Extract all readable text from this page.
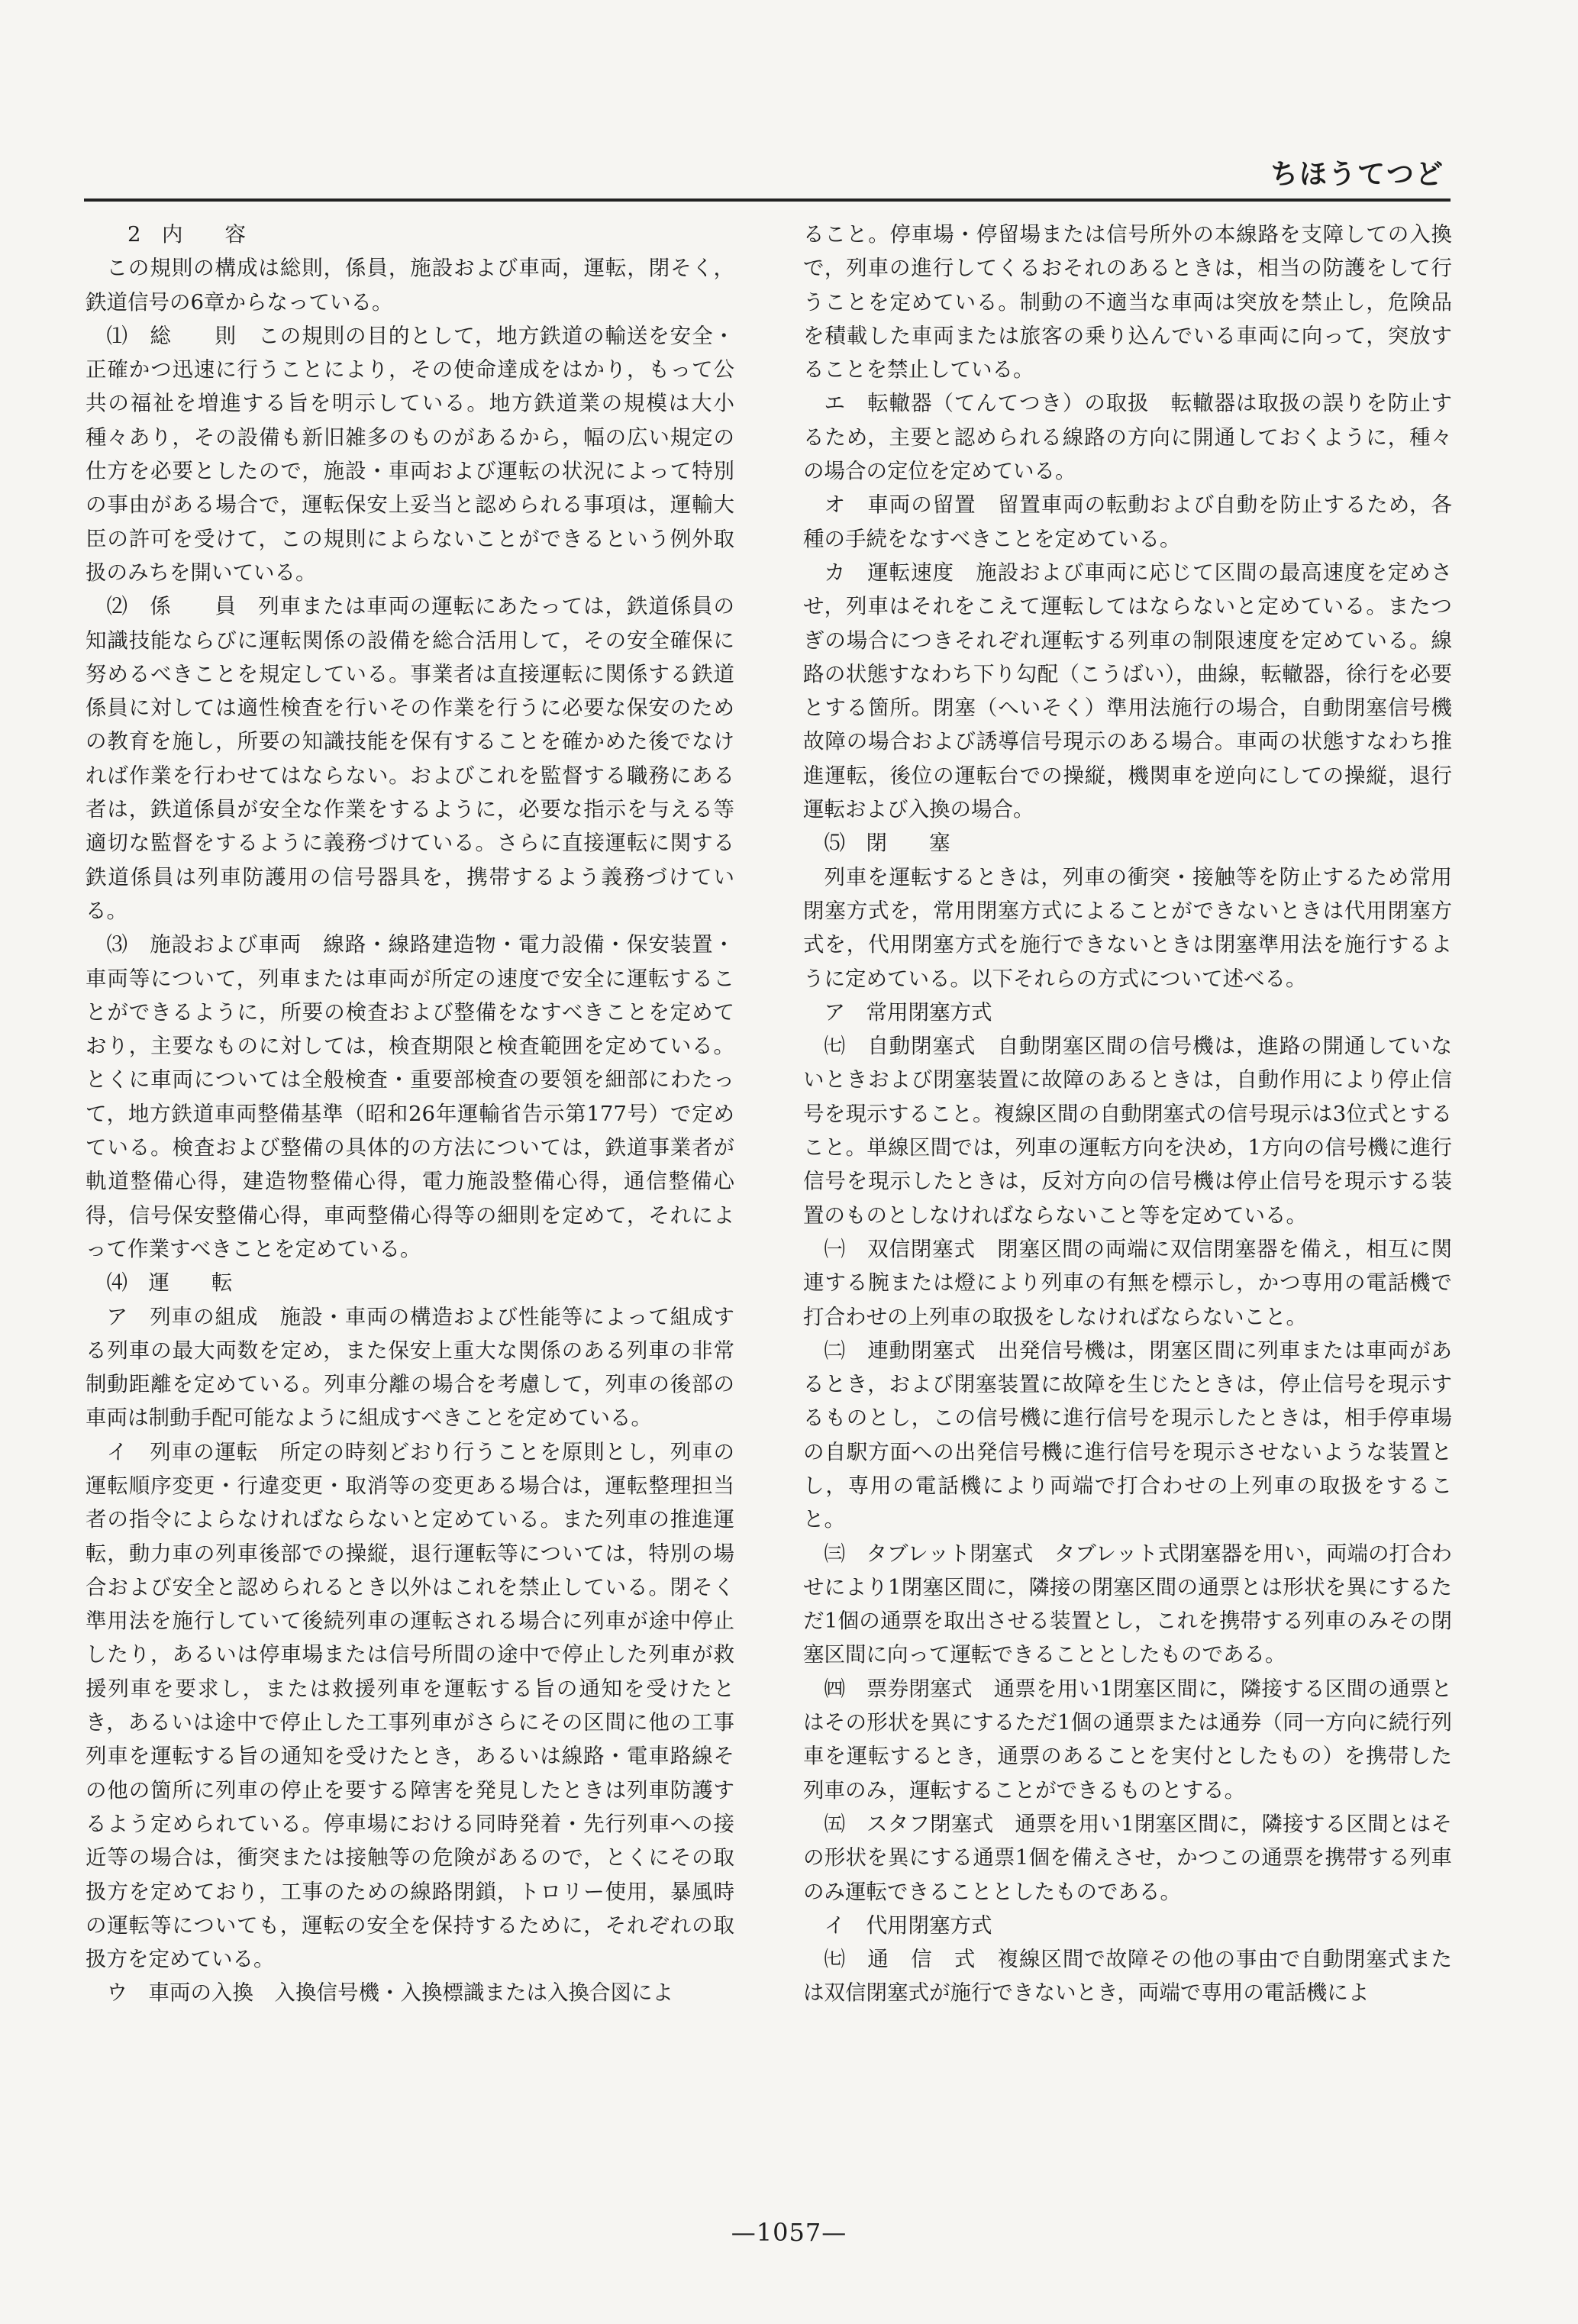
ちほうてつど

2　内　　容

この規則の構成は総則，係員，施設および車両，運転，閉そく，鉄道信号の6章からなっている。

⑴　総　　則　この規則の目的として，地方鉄道の輸送を安全・正確かつ迅速に行うことにより，その使命達成をはかり，もって公共の福祉を増進する旨を明示している。地方鉄道業の規模は大小種々あり，その設備も新旧雑多のものがあるから，幅の広い規定の仕方を必要としたので，施設・車両および運転の状況によって特別の事由がある場合で，運転保安上妥当と認められる事項は，運輸大臣の許可を受けて，この規則によらないことができるという例外取扱のみちを開いている。

⑵　係　　員　列車または車両の運転にあたっては，鉄道係員の知識技能ならびに運転関係の設備を総合活用して，その安全確保に努めるべきことを規定している。事業者は直接運転に関係する鉄道係員に対しては適性検査を行いその作業を行うに必要な保安のための教育を施し，所要の知識技能を保有することを確かめた後でなければ作業を行わせてはならない。およびこれを監督する職務にある者は，鉄道係員が安全な作業をするように，必要な指示を与える等適切な監督をするように義務づけている。さらに直接運転に関する鉄道係員は列車防護用の信号器具を，携帯するよう義務づけている。

⑶　施設および車両　線路・線路建造物・電力設備・保安装置・車両等について，列車または車両が所定の速度で安全に運転することができるように，所要の検査および整備をなすべきことを定めており，主要なものに対しては，検査期限と検査範囲を定めている。とくに車両については全般検査・重要部検査の要領を細部にわたって，地方鉄道車両整備基準（昭和26年運輸省告示第177号）で定めている。検査および整備の具体的の方法については，鉄道事業者が軌道整備心得，建造物整備心得，電力施設整備心得，通信整備心得，信号保安整備心得，車両整備心得等の細則を定めて，それによって作業すべきことを定めている。

⑷　運　　転

ア　列車の組成　施設・車両の構造および性能等によって組成する列車の最大両数を定め，また保安上重大な関係のある列車の非常制動距離を定めている。列車分離の場合を考慮して，列車の後部の車両は制動手配可能なように組成すべきことを定めている。

イ　列車の運転　所定の時刻どおり行うことを原則とし，列車の運転順序変更・行違変更・取消等の変更ある場合は，運転整理担当者の指令によらなければならないと定めている。また列車の推進運転，動力車の列車後部での操縦，退行運転等については，特別の場合および安全と認められるとき以外はこれを禁止している。閉そく準用法を施行していて後続列車の運転される場合に列車が途中停止したり，あるいは停車場または信号所間の途中で停止した列車が救援列車を要求し，または救援列車を運転する旨の通知を受けたとき，あるいは途中で停止した工事列車がさらにその区間に他の工事列車を運転する旨の通知を受けたとき，あるいは線路・電車路線その他の箇所に列車の停止を要する障害を発見したときは列車防護するよう定められている。停車場における同時発着・先行列車への接近等の場合は，衝突または接触等の危険があるので，とくにその取扱方を定めており，工事のための線路閉鎖，トロリー使用，暴風時の運転等についても，運転の安全を保持するために，それぞれの取扱方を定めている。

ウ　車両の入換　入換信号機・入換標識または入換合図によ

ること。停車場・停留場または信号所外の本線路を支障しての入換で，列車の進行してくるおそれのあるときは，相当の防護をして行うことを定めている。制動の不適当な車両は突放を禁止し，危険品を積載した車両または旅客の乗り込んでいる車両に向って，突放することを禁止している。

エ　転轍器（てんてつき）の取扱　転轍器は取扱の誤りを防止するため，主要と認められる線路の方向に開通しておくように，種々の場合の定位を定めている。

オ　車両の留置　留置車両の転動および自動を防止するため，各種の手続をなすべきことを定めている。

カ　運転速度　施設および車両に応じて区間の最高速度を定めさせ，列車はそれをこえて運転してはならないと定めている。またつぎの場合につきそれぞれ運転する列車の制限速度を定めている。線路の状態すなわち下り勾配（こうばい），曲線，転轍器，徐行を必要とする箇所。閉塞（へいそく）準用法施行の場合，自動閉塞信号機故障の場合および誘導信号現示のある場合。車両の状態すなわち推進運転，後位の運転台での操縦，機関車を逆向にしての操縦，退行運転および入換の場合。

⑸　閉　　塞

列車を運転するときは，列車の衝突・接触等を防止するため常用閉塞方式を，常用閉塞方式によることができないときは代用閉塞方式を，代用閉塞方式を施行できないときは閉塞準用法を施行するように定めている。以下それらの方式について述べる。

ア　常用閉塞方式

㈦　自動閉塞式　自動閉塞区間の信号機は，進路の開通していないときおよび閉塞装置に故障のあるときは，自動作用により停止信号を現示すること。複線区間の自動閉塞式の信号現示は3位式とすること。単線区間では，列車の運転方向を決め，1方向の信号機に進行信号を現示したときは，反対方向の信号機は停止信号を現示する装置のものとしなければならないこと等を定めている。

㈠　双信閉塞式　閉塞区間の両端に双信閉塞器を備え，相互に関連する腕または燈により列車の有無を標示し，かつ専用の電話機で打合わせの上列車の取扱をしなければならないこと。

㈡　連動閉塞式　出発信号機は，閉塞区間に列車または車両があるとき，および閉塞装置に故障を生じたときは，停止信号を現示するものとし，この信号機に進行信号を現示したときは，相手停車場の自駅方面への出発信号機に進行信号を現示させないような装置とし，専用の電話機により両端で打合わせの上列車の取扱をすること。

㈢　タブレット閉塞式　タブレット式閉塞器を用い，両端の打合わせにより1閉塞区間に，隣接の閉塞区間の通票とは形状を異にするただ1個の通票を取出させる装置とし，これを携帯する列車のみその閉塞区間に向って運転できることとしたものである。

㈣　票券閉塞式　通票を用い1閉塞区間に，隣接する区間の通票とはその形状を異にするただ1個の通票または通券（同一方向に続行列車を運転するとき，通票のあることを実付としたもの）を携帯した列車のみ，運転することができるものとする。

㈤　スタフ閉塞式　通票を用い1閉塞区間に，隣接する区間とはその形状を異にする通票1個を備えさせ，かつこの通票を携帯する列車のみ運転できることとしたものである。

イ　代用閉塞方式

㈦　通　信　式　複線区間で故障その他の事由で自動閉塞式または双信閉塞式が施行できないとき，両端で専用の電話機によ

—1057—
